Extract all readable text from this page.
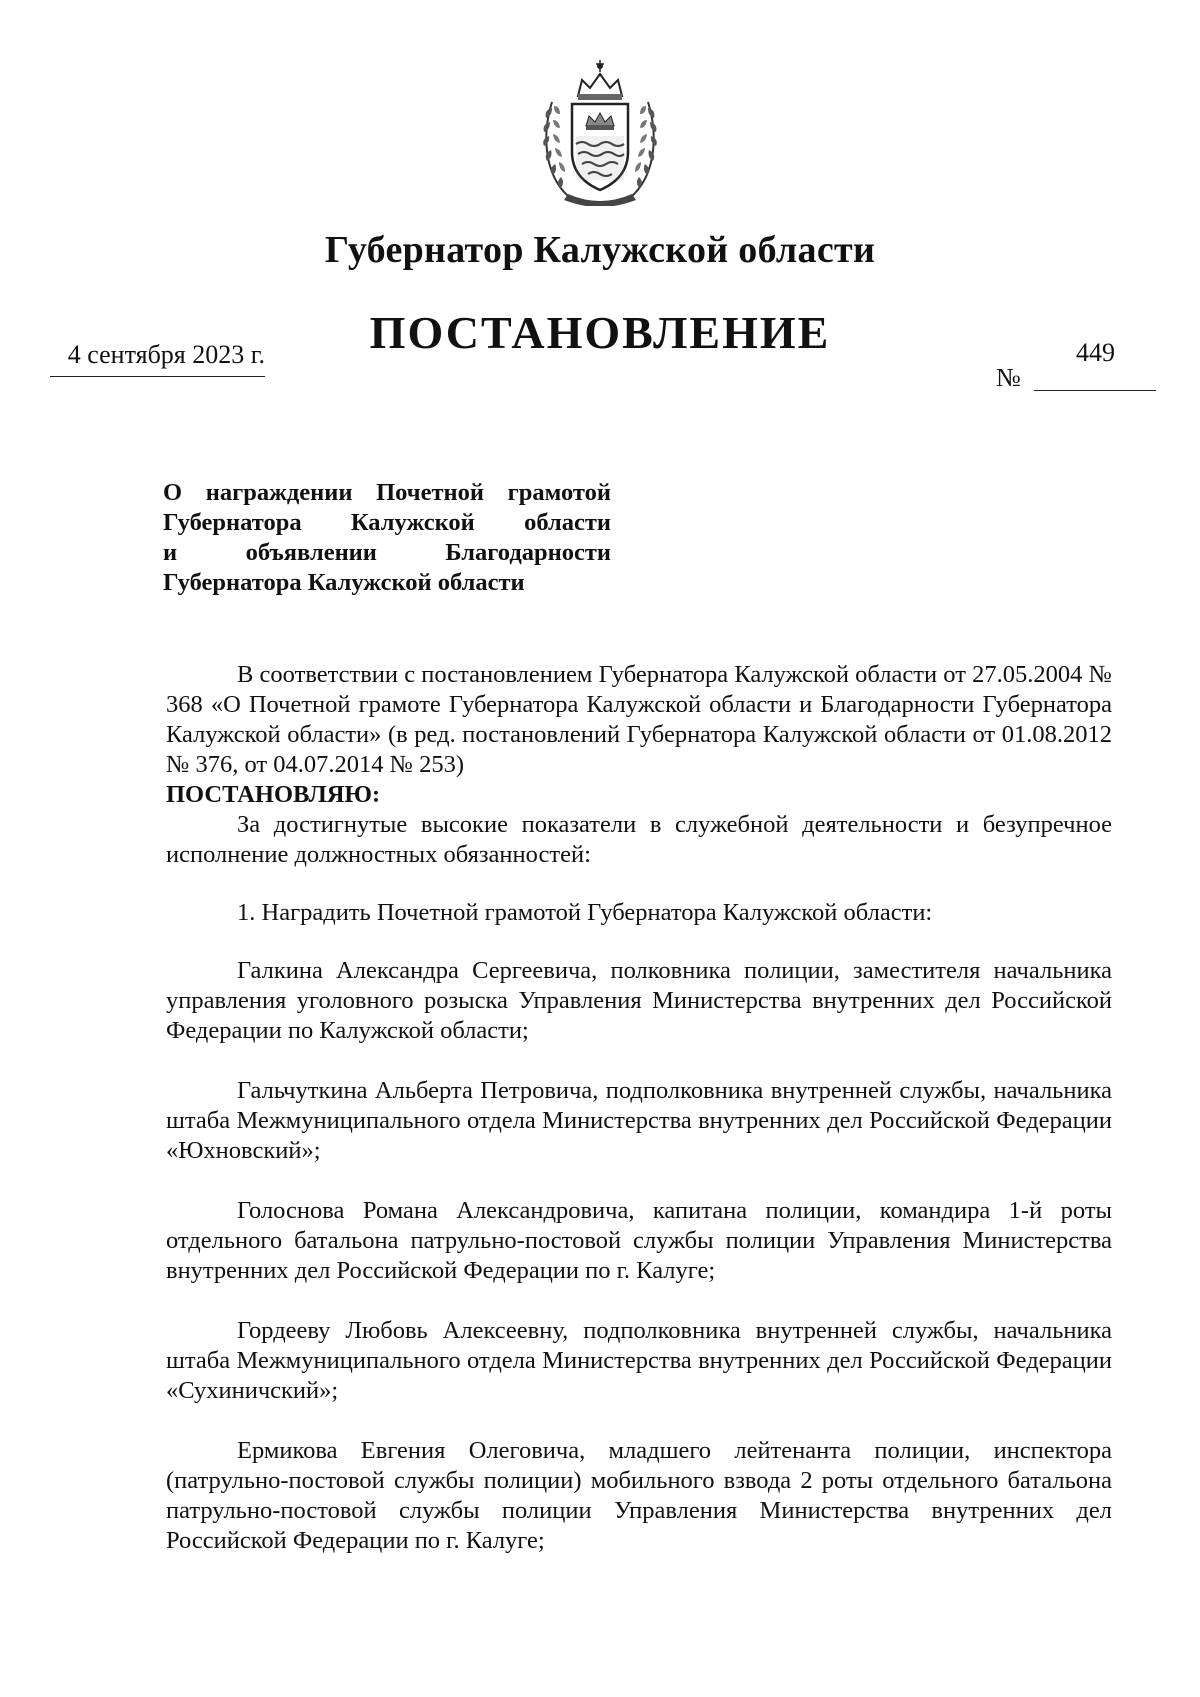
Губернатор Калужской области
ПОСТАНОВЛЕНИЕ
4 сентября 2023 г.	449
№
О награждении Почетной грамотой
Губернатора Калужской области
и объявлении Благодарности
Губернатора Калужской области

В соответствии с постановлением Губернатора Калужской области от 27.05.2004 № 368 «О Почетной грамоте Губернатора Калужской области и Благодарности Губернатора Калужской области» (в ред. постановлений Губернатора Калужской области от 01.08.2012 № 376, от 04.07.2014 № 253)

ПОСТАНОВЛЯЮ:

За достигнутые высокие показатели в служебной деятельности и безупречное исполнение должностных обязанностей:

1. Наградить Почетной грамотой Губернатора Калужской области:

Галкина Александра Сергеевича, полковника полиции, заместителя начальника управления уголовного розыска Управления Министерства внутренних дел Российской Федерации по Калужской области;

Гальчуткина Альберта Петровича, подполковника внутренней службы, начальника штаба Межмуниципального отдела Министерства внутренних дел Российской Федерации «Юхновский»;

Голоснова Романа Александровича, капитана полиции, командира 1-й роты отдельного батальона патрульно-постовой службы полиции Управления Министерства внутренних дел Российской Федерации по г. Калуге;

Гордееву Любовь Алексеевну, подполковника внутренней службы, начальника штаба Межмуниципального отдела Министерства внутренних дел Российской Федерации «Сухиничский»;

Ермикова Евгения Олеговича, младшего лейтенанта полиции, инспектора (патрульно-постовой службы полиции) мобильного взвода 2 роты отдельного батальона патрульно-постовой службы полиции Управления Министерства внутренних дел Российской Федерации по г. Калуге;
